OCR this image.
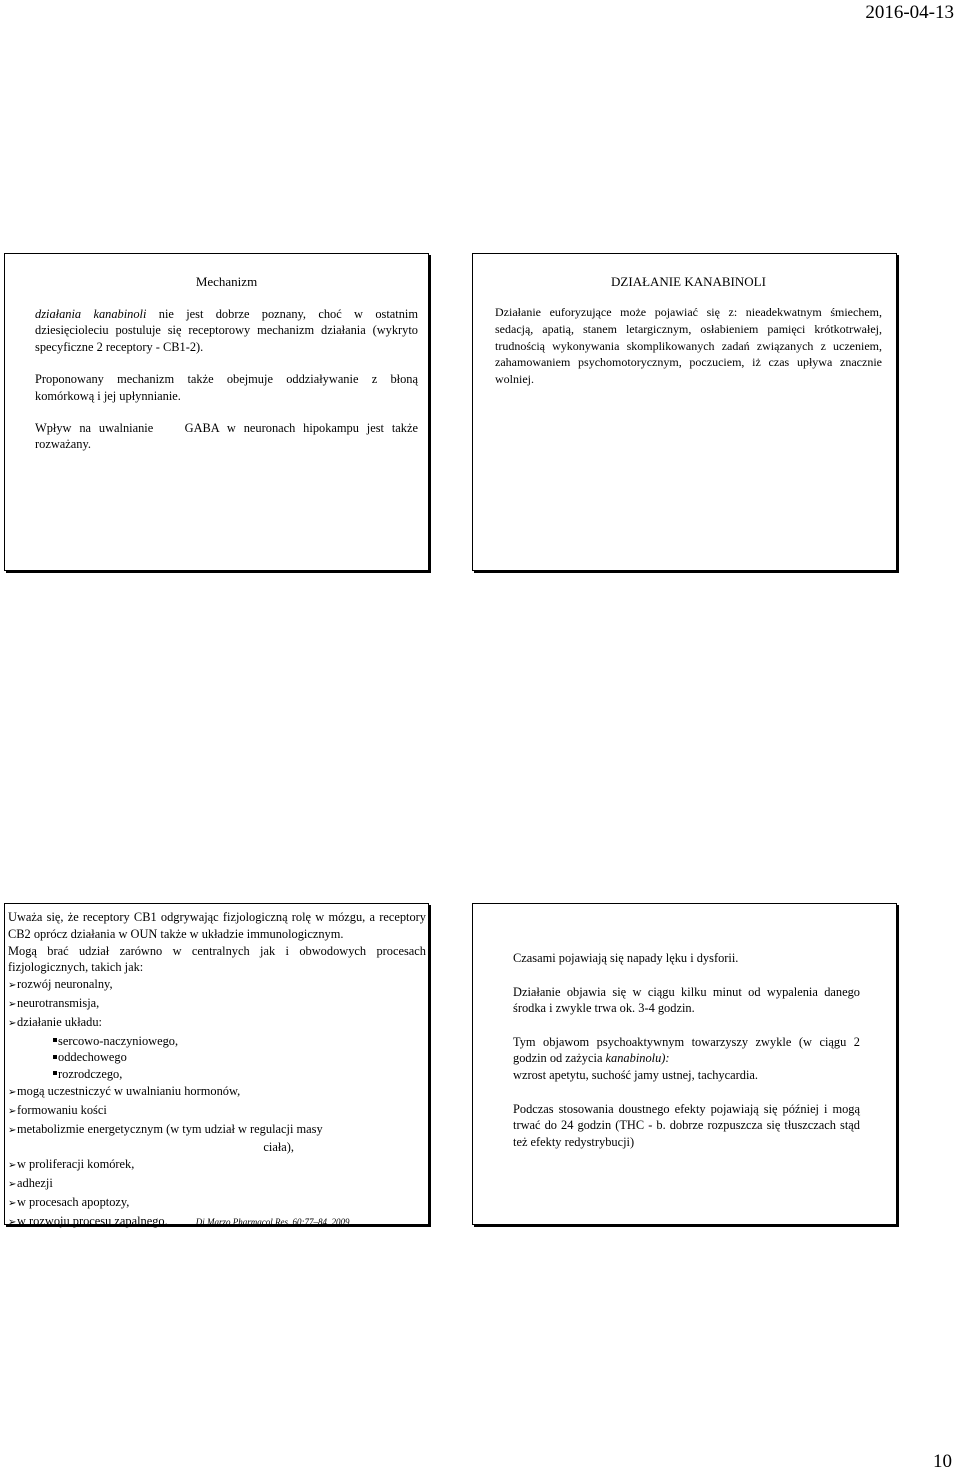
2016-04-13
Mechanizm

działania kanabinoli nie jest dobrze poznany, choć w ostatnim dziesięcioleciu postuluje się receptorowy mechanizm działania (wykryto specyficzne 2 receptory - CB1-2).

Proponowany mechanizm także obejmuje oddziaływanie z błoną komórkową i jej upłynnianie.

Wpływ na uwalnianie    GABA w neuronach hipokampu jest także rozważany.

DZIAŁANIE KANABINOLI

Działanie euforyzujące może pojawiać się z: nieadekwatnym śmiechem, sedacją, apatią, stanem letargicznym, osłabieniem pamięci krótkotrwałej, trudnością wykonywania skomplikowanych zadań związanych z uczeniem, zahamowaniem psychomotorycznym, poczuciem, iż czas upływa znacznie wolniej.

Uważa się, że receptory CB1 odgrywając fizjologiczną rolę w mózgu, a receptory CB2 oprócz działania w OUN także w układzie immunologicznym.

Mogą brać udział zarówno w centralnych jak i obwodowych procesach fizjologicznych, takich jak:

➢rozwój neuronalny,
➢neurotransmisja,
➢działanie układu:
sercowo-naczyniowego,
oddechowego
rozrodczego,
➢mogą uczestniczyć w uwalnianiu hormonów,
➢formowaniu kości
➢metabolizmie energetycznym (w tym udział w regulacji masy
ciała),
➢w proliferacji komórek,
➢adhezji
➢w procesach apoptozy,
➢w rozwoju procesu zapalnego.	Di Marzo Pharmacol Res. 60:77–84, 2009

Czasami pojawiają się napady lęku i dysforii.

Działanie objawia się w ciągu kilku minut od wypalenia danego środka i zwykle trwa ok. 3-4 godzin.

Tym objawom psychoaktywnym towarzyszy zwykle (w ciągu 2 godzin od zażycia kanabinolu):
wzrost apetytu, suchość jamy ustnej, tachycardia.

Podczas stosowania doustnego efekty pojawiają się później i mogą trwać do 24 godzin (THC - b. dobrze rozpuszcza się tłuszczach stąd też efekty redystrybucji)

10
